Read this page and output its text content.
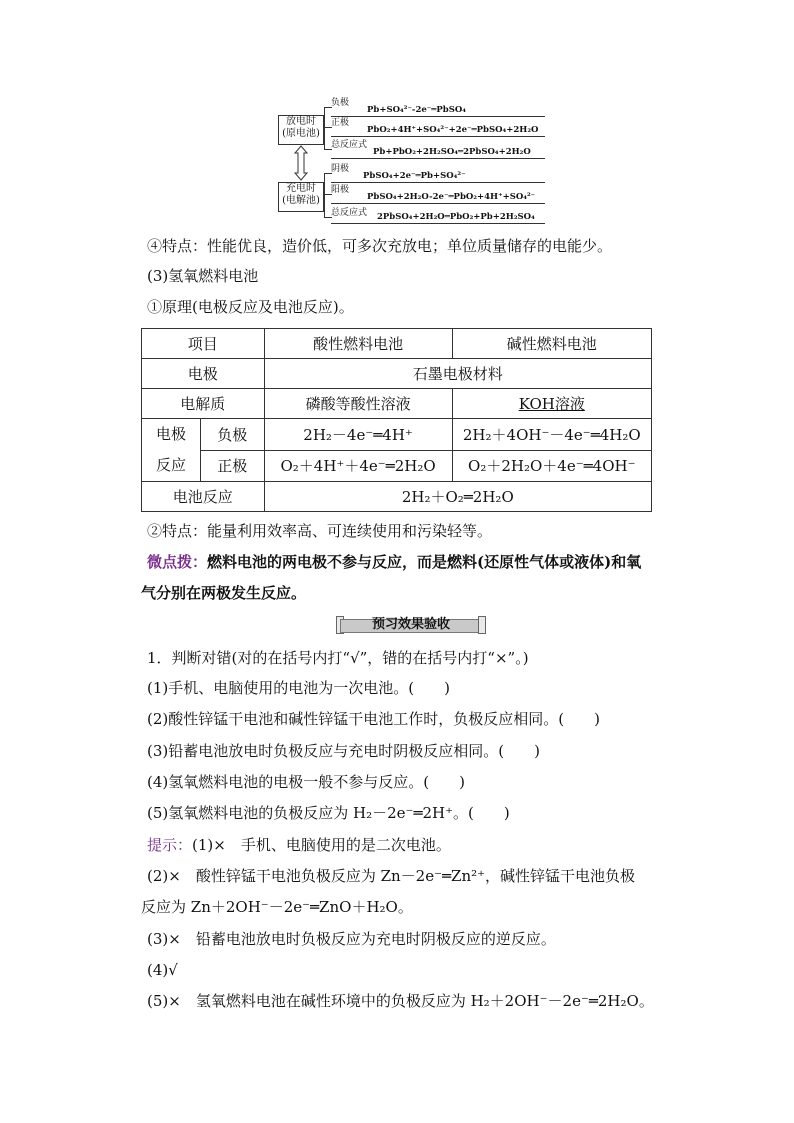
放电时
(原电池)
充电时
(电解池)
负极
Pb+SO₄²⁻-2e⁻═PbSO₄
正极
PbO₂+4H⁺+SO₄²⁻+2e⁻═PbSO₄+2H₂O
总反应式
Pb+PbO₂+2H₂SO₄═2PbSO₄+2H₂O
阴极
PbSO₄+2e⁻═Pb+SO₄²⁻
阳极
PbSO₄+2H₂O-2e⁻═PbO₂+4H⁺+SO₄²⁻
总反应式 2PbSO₄+2H₂O═PbO₂+Pb+2H₂SO₄
④特点：性能优良，造价低，可多次充放电；单位质量储存的电能少。
(3)氢氧燃料电池
①原理(电极反应及电池反应)。
项目		酸性燃料电池	碱性燃料电池
电极		石墨电极材料	
电解质		磷酸等酸性溶液	KOH溶液

电极
反应	负极	2H₂－4e⁻═4H⁺	2H₂＋4OH⁻－4e⁻═4H₂O
	正极	O₂＋4H⁺＋4e⁻═2H₂O	O₂＋2H₂O＋4e⁻═4OH⁻
电池反应		2H₂＋O₂═2H₂O	
②特点：能量利用效率高、可连续使用和污染轻等。
微点拨：燃料电池的两电极不参与反应，而是燃料(还原性气体或液体)和氧
气分别在两极发生反应。
预习效果验收
1．判断对错(对的在括号内打“√”，错的在括号内打“×”。)
(1)手机、电脑使用的电池为一次电池。(　　)
(2)酸性锌锰干电池和碱性锌锰干电池工作时，负极反应相同。(　　)
(3)铅蓄电池放电时负极反应与充电时阴极反应相同。(　　)
(4)氢氧燃料电池的电极一般不参与反应。(　　)
(5)氢氧燃料电池的负极反应为 H₂－2e⁻═2H⁺。(　　)
提示：(1)×　手机、电脑使用的是二次电池。
(2)×　酸性锌锰干电池负极反应为 Zn－2e⁻═Zn²⁺，碱性锌锰干电池负极
反应为 Zn＋2OH⁻－2e⁻═ZnO＋H₂O。
(3)×　铅蓄电池放电时负极反应为充电时阴极反应的逆反应。
(4)√
(5)×　氢氧燃料电池在碱性环境中的负极反应为 H₂＋2OH⁻－2e⁻═2H₂O。
